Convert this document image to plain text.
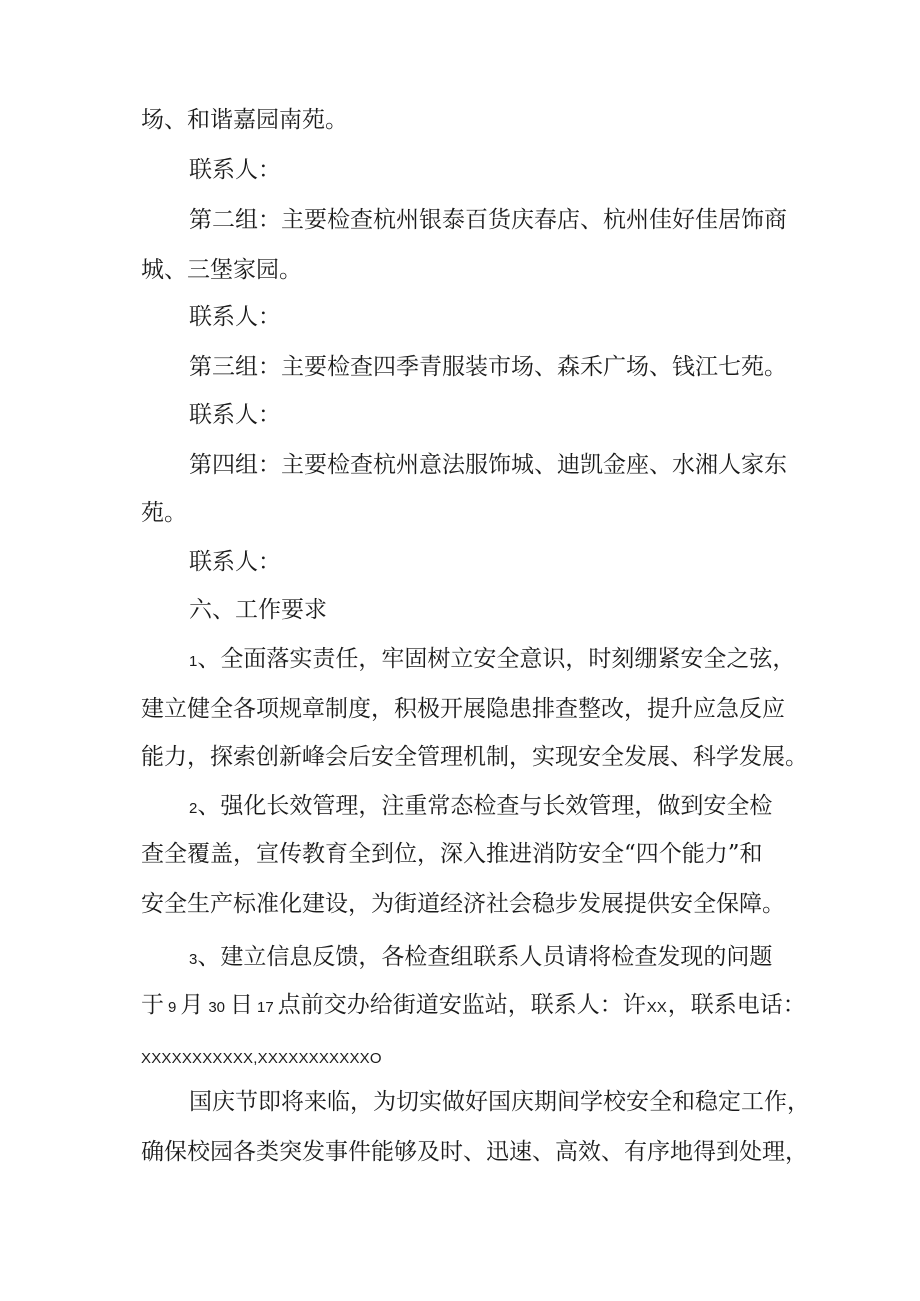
场、和谐嘉园南苑。
联系人：
第二组：主要检查杭州银泰百货庆春店、杭州佳好佳居饰商
城、三堡家园。
联系人：
第三组：主要检查四季青服装市场、森禾广场、钱江七苑。
联系人：
第四组：主要检查杭州意法服饰城、迪凯金座、水湘人家东
苑。
联系人：
六、工作要求
1、全面落实责任，牢固树立安全意识，时刻绷紧安全之弦，
建立健全各项规章制度，积极开展隐患排查整改，提升应急反应
能力，探索创新峰会后安全管理机制，实现安全发展、科学发展。
2、强化长效管理，注重常态检查与长效管理，做到安全检
查全覆盖，宣传教育全到位，深入推进消防安全“四个能力”和
安全生产标准化建设，为街道经济社会稳步发展提供安全保障。
3、建立信息反馈，各检查组联系人员请将检查发现的问题
于 9 月 30 日 17 点前交办给街道安监站，联系人：许XX，联系电话：
XXXXXXXXXXX,XXXXXXXXXXXO
国庆节即将来临，为切实做好国庆期间学校安全和稳定工作，
确保校园各类突发事件能够及时、迅速、高效、有序地得到处理，
